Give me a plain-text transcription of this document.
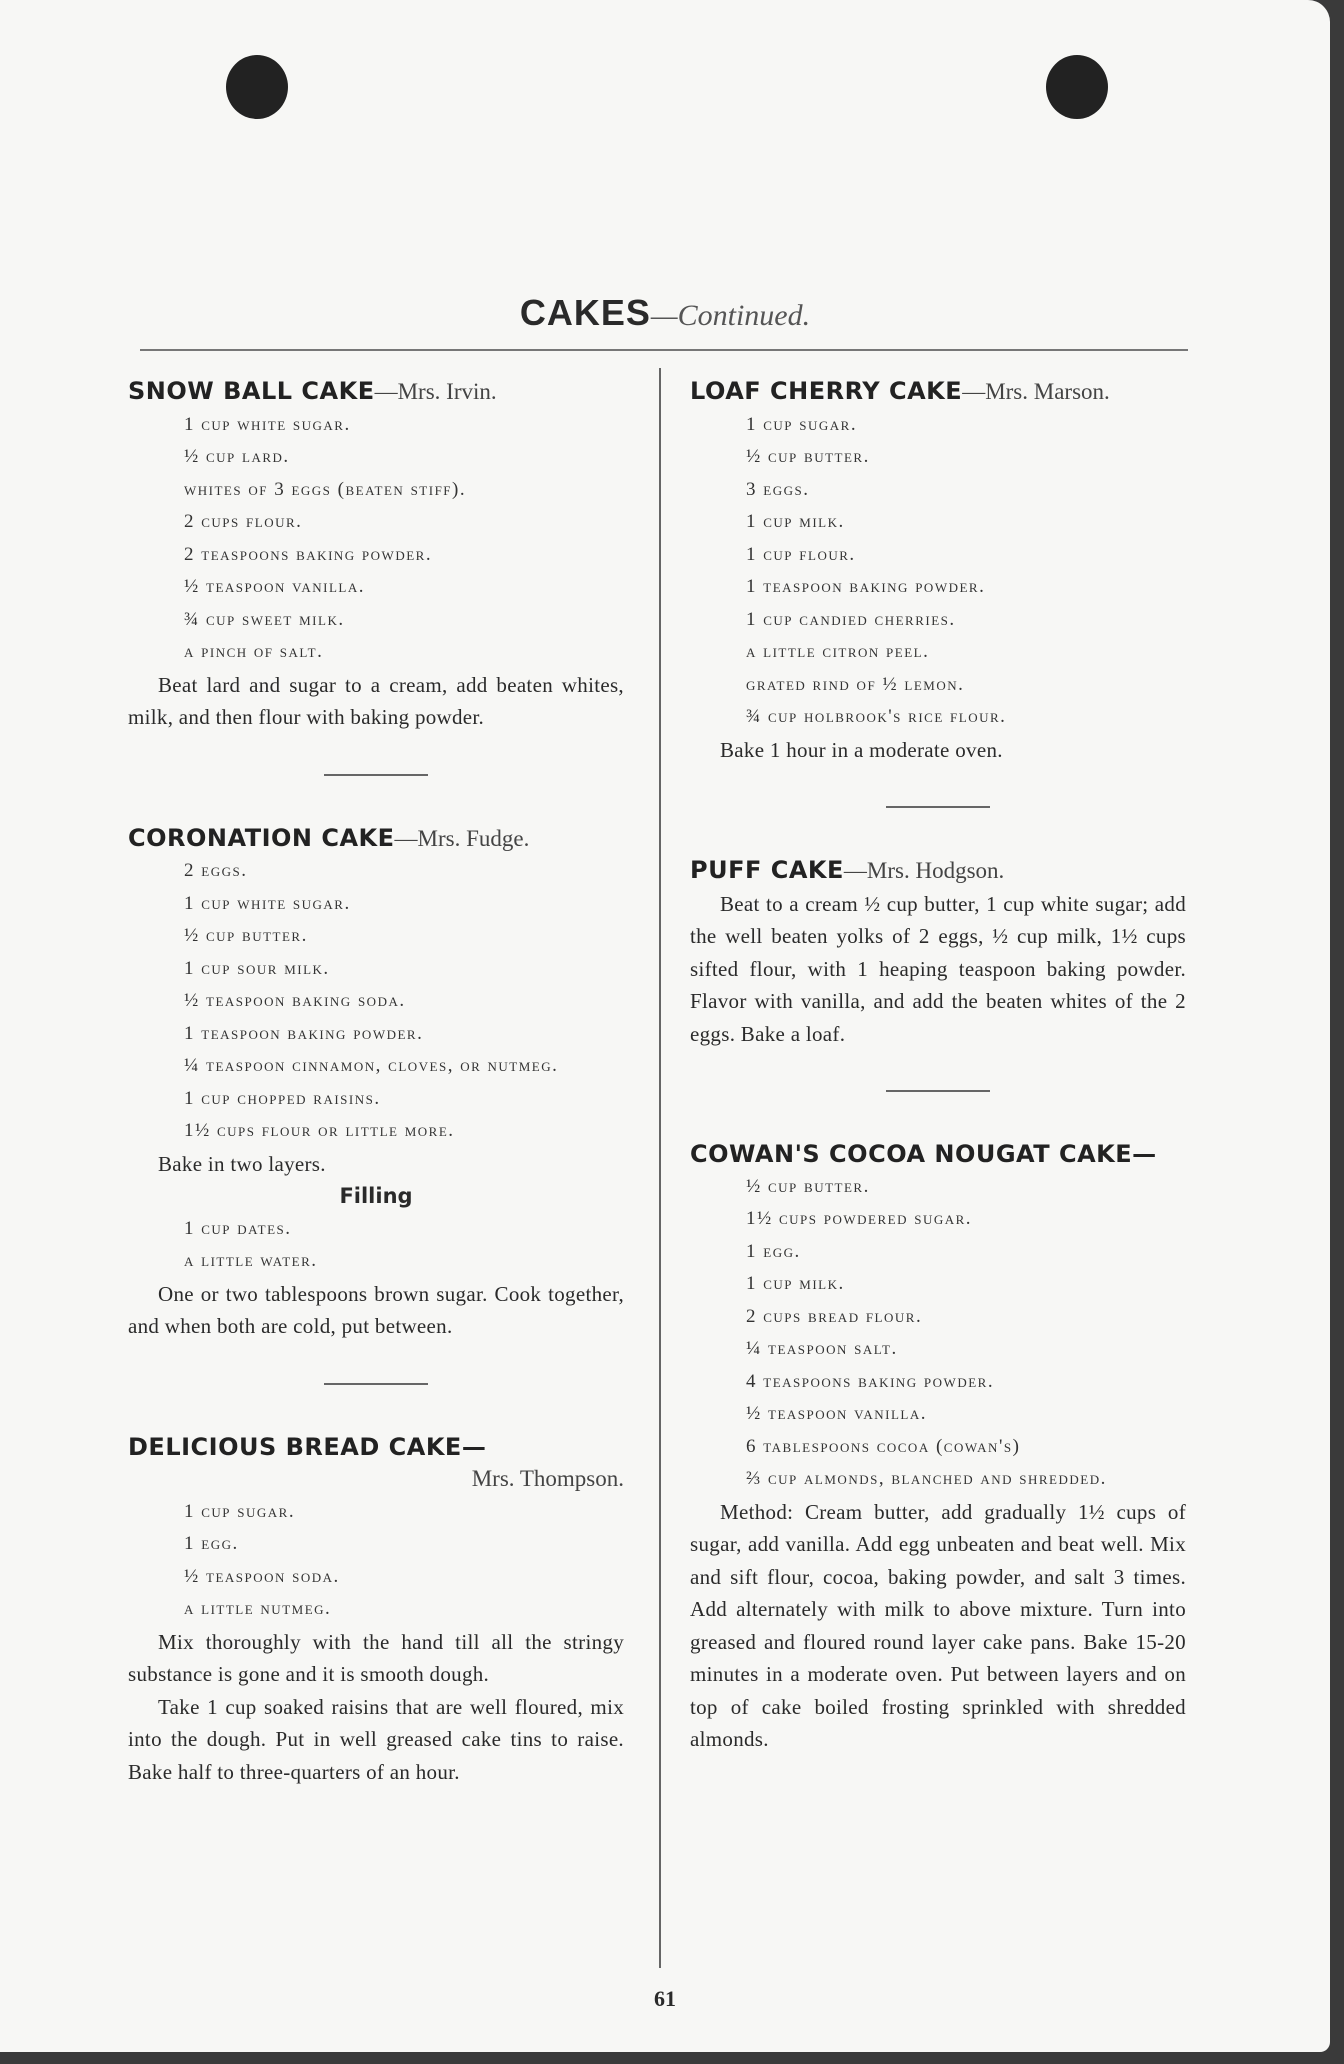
CAKES—Continued.

SNOW BALL CAKE—Mrs. Irvin.

1 cup white sugar.
½ cup lard.
whites of 3 eggs (beaten stiff).
2 cups flour.
2 teaspoons baking powder.
½ teaspoon vanilla.
¾ cup sweet milk.
a pinch of salt.
Beat lard and sugar to a cream, add beaten whites, milk, and then flour with baking powder.

CORONATION CAKE—Mrs. Fudge.

2 eggs.
1 cup white sugar.
½ cup butter.
1 cup sour milk.
½ teaspoon baking soda.
1 teaspoon baking powder.
¼ teaspoon cinnamon, cloves, or nutmeg.
1 cup chopped raisins.
1½ cups flour or little more.
Bake in two layers.
Filling
1 cup dates.
a little water.
One or two tablespoons brown sugar. Cook together, and when both are cold, put between.

DELICIOUS BREAD CAKE—

Mrs. Thompson.
1 cup sugar.
1 egg.
½ teaspoon soda.
a little nutmeg.
Mix thoroughly with the hand till all the stringy substance is gone and it is smooth dough.
Take 1 cup soaked raisins that are well floured, mix into the dough. Put in well greased cake tins to raise. Bake half to three-quarters of an hour.

LOAF CHERRY CAKE—Mrs. Marson.

1 cup sugar.
½ cup butter.
3 eggs.
1 cup milk.
1 cup flour.
1 teaspoon baking powder.
1 cup candied cherries.
a little citron peel.
grated rind of ½ lemon.
¾ cup holbrook's rice flour.
Bake 1 hour in a moderate oven.

PUFF CAKE—Mrs. Hodgson.

Beat to a cream ½ cup butter, 1 cup white sugar; add the well beaten yolks of 2 eggs, ½ cup milk, 1½ cups sifted flour, with 1 heaping teaspoon baking powder. Flavor with vanilla, and add the beaten whites of the 2 eggs. Bake a loaf.

COWAN'S COCOA NOUGAT CAKE—

½ cup butter.
1½ cups powdered sugar.
1 egg.
1 cup milk.
2 cups bread flour.
¼ teaspoon salt.
4 teaspoons baking powder.
½ teaspoon vanilla.
6 tablespoons cocoa (cowan's)
⅔ cup almonds, blanched and shredded.
Method: Cream butter, add gradually 1½ cups of sugar, add vanilla. Add egg unbeaten and beat well. Mix and sift flour, cocoa, baking powder, and salt 3 times. Add alternately with milk to above mixture. Turn into greased and floured round layer cake pans. Bake 15-20 minutes in a moderate oven. Put between layers and on top of cake boiled frosting sprinkled with shredded almonds.
61
